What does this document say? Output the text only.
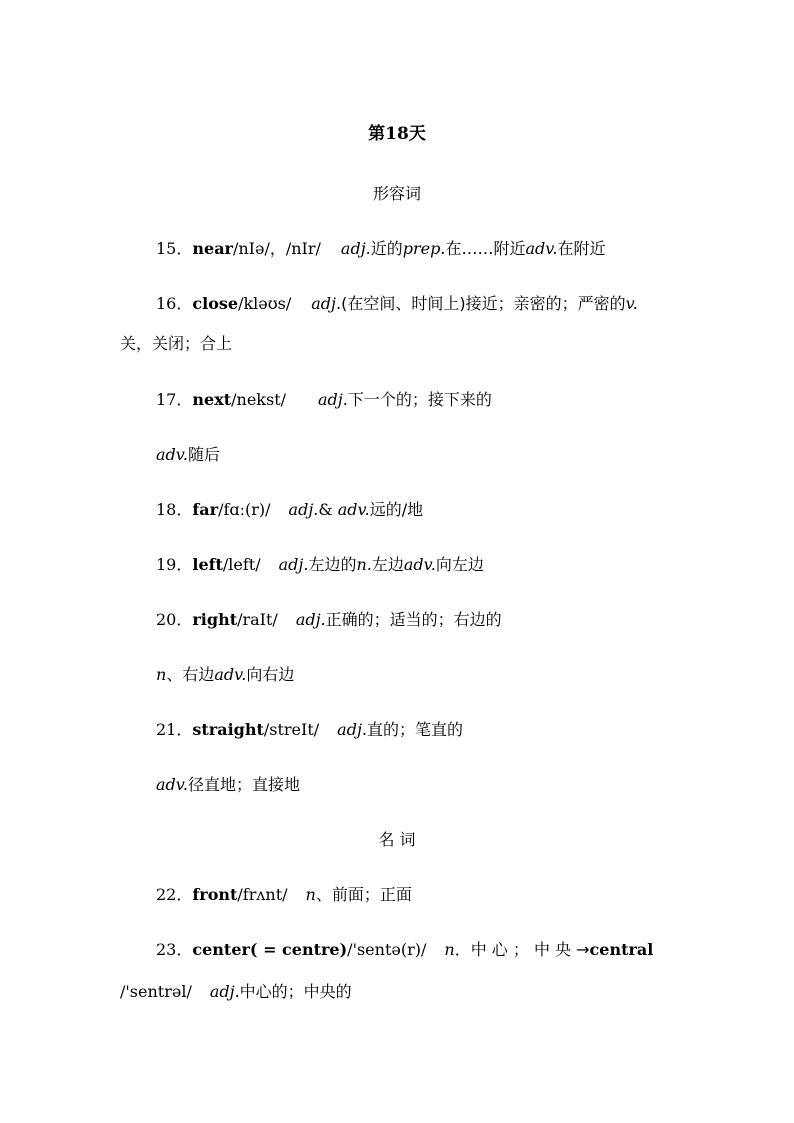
第18天
形容词
15．near/nIə/，/nIr/ adj.近的prep.在……附近adv.在附近
16．close/kləʊs/ adj.(在空间、时间上)接近；亲密的；严密的v.
关，关闭；合上
17．next/nekst/ adj.下一个的；接下来的
adv.随后
18．far/fɑː(r)/ adj.& adv.远的/地
19．left/left/ adj.左边的n.左边adv.向左边
20．right/raIt/ adj.正确的；适当的；右边的
n、右边adv.向右边
21．straight/streIt/ adj.直的；笔直的
adv.径直地；直接地
名 词
22．front/frʌnt/ n、前面；正面
23．center( = centre)/'sentə(r)/ n．中 心 ； 中 央 →central
/'sentrəl/ adj.中心的；中央的
